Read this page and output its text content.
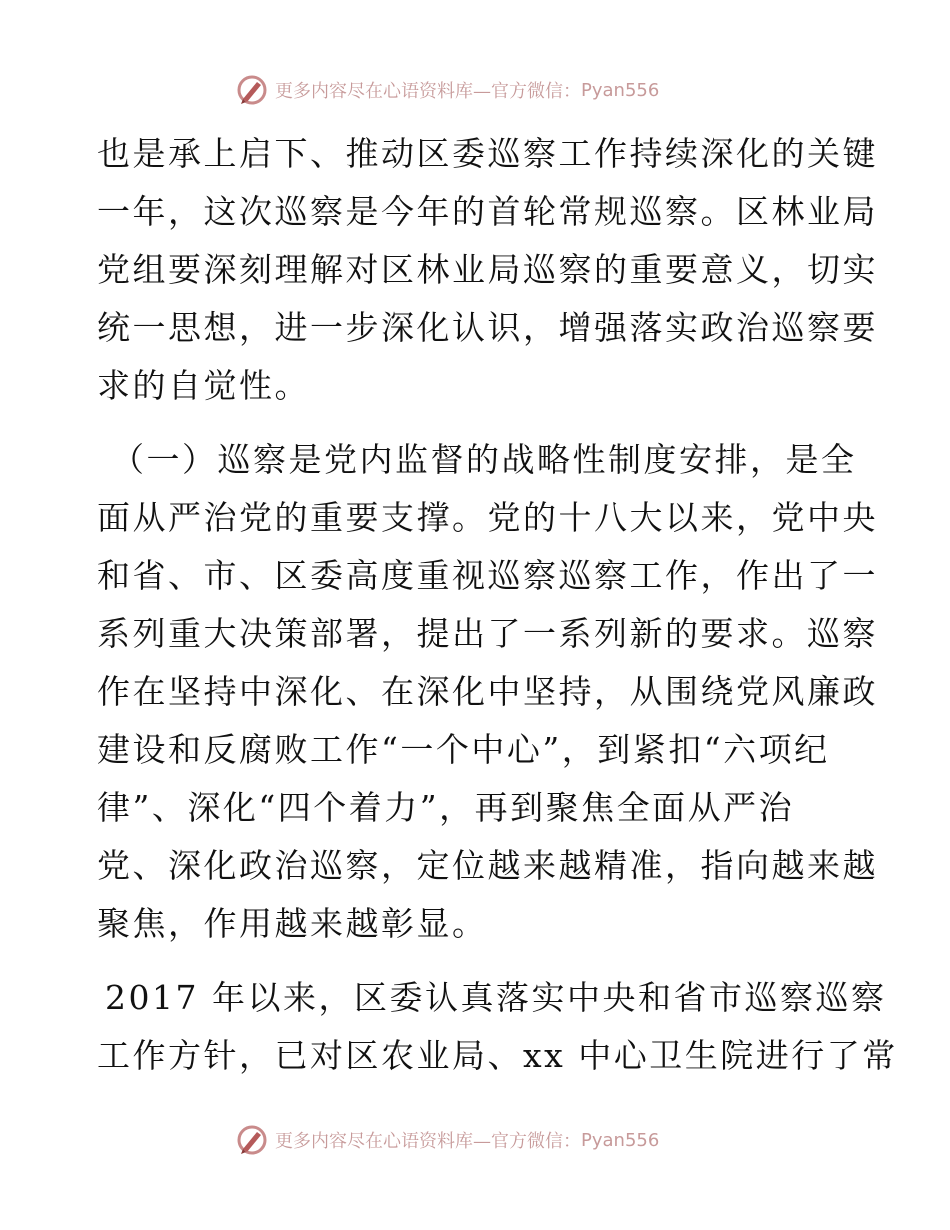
更多内容尽在心语资料库—官方微信： Pyan556
也是承上启下、推动区委巡察工作持续深化的关键
一年，这次巡察是今年的首轮常规巡察。区林业局
党组要深刻理解对区林业局巡察的重要意义，切实
统一思想，进一步深化认识，增强落实政治巡察要
求的自觉性。
（一）巡察是党内监督的战略性制度安排，是全
面从严治党的重要支撑。党的十八大以来，党中央
和省、市、区委高度重视巡察巡察工作，作出了一
系列重大决策部署，提出了一系列新的要求。巡察
作在坚持中深化、在深化中坚持，从围绕党风廉政
建设和反腐败工作“一个中心”，到紧扣“六项纪
律”、深化“四个着力”，再到聚焦全面从严治
党、深化政治巡察，定位越来越精准，指向越来越
聚焦，作用越来越彰显。
2017 年以来，区委认真落实中央和省市巡察巡察
工作方针，已对区农业局、xx 中心卫生院进行了常
更多内容尽在心语资料库—官方微信： Pyan556
